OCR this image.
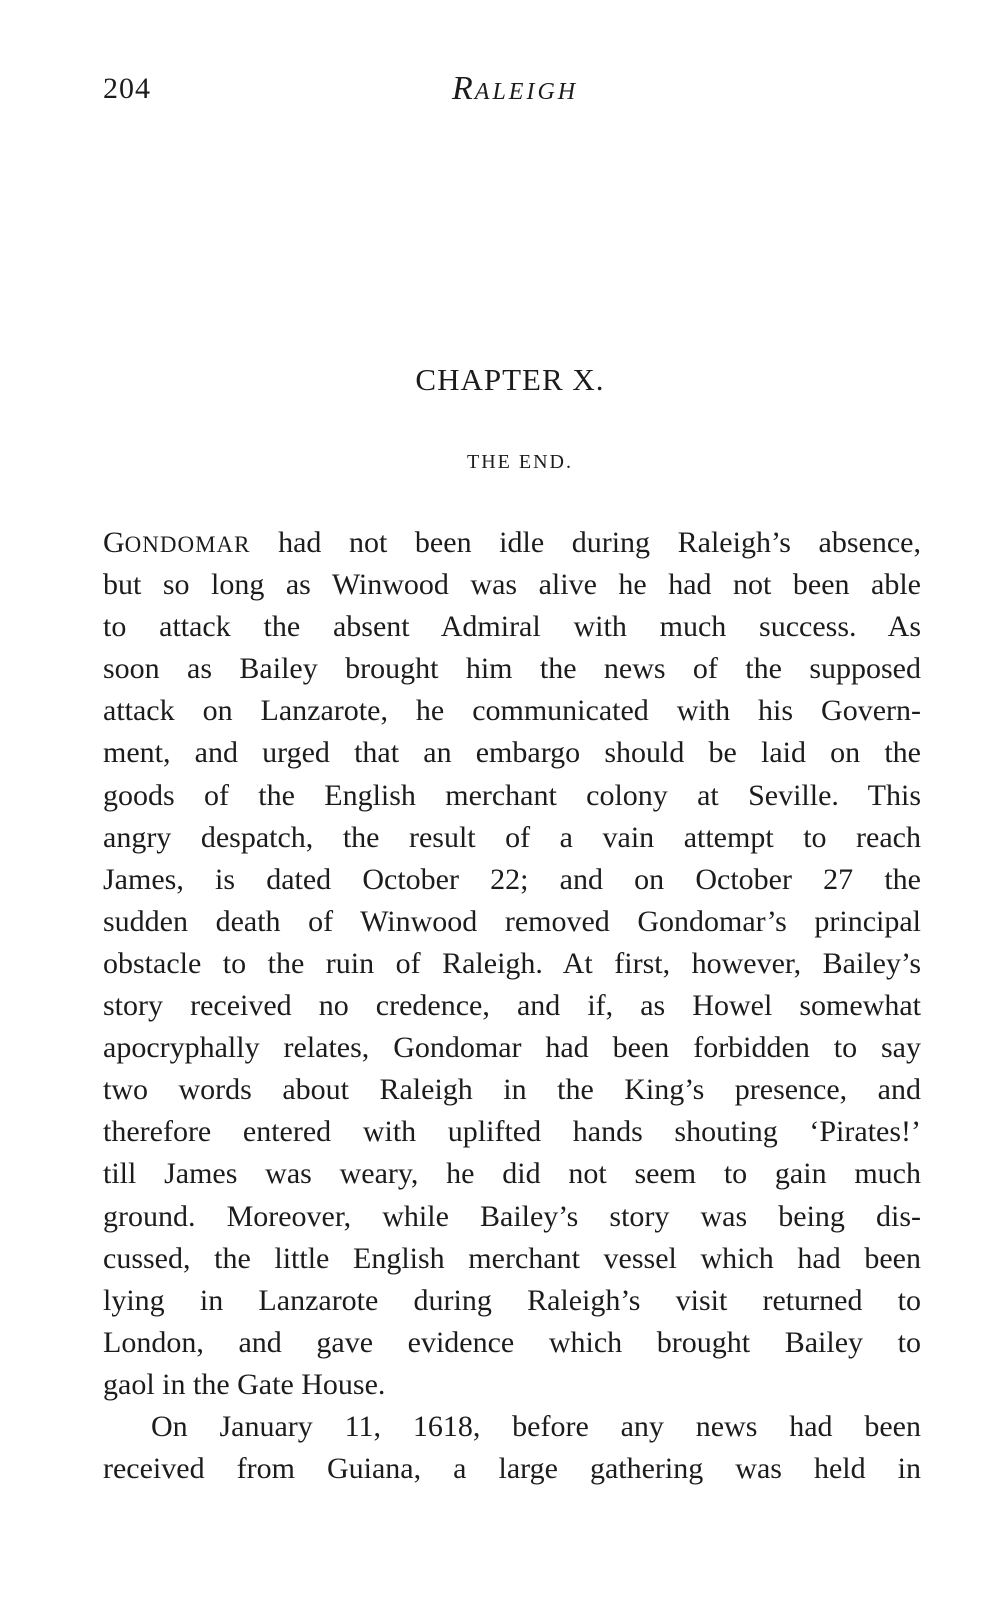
204	RALEIGH
CHAPTER X.
THE END.
GONDOMAR had not been idle during Raleigh’s absence,
but so long as Winwood was alive he had not been able
to attack the absent Admiral with much success. As
soon as Bailey brought him the news of the supposed
attack on Lanzarote, he communicated with his Govern-
ment, and urged that an embargo should be laid on the
goods of the English merchant colony at Seville. This
angry despatch, the result of a vain attempt to reach
James, is dated October 22; and on October 27 the
sudden death of Winwood removed Gondomar’s principal
obstacle to the ruin of Raleigh. At first, however, Bailey’s
story received no credence, and if, as Howel somewhat
apocryphally relates, Gondomar had been forbidden to say
two words about Raleigh in the King’s presence, and
therefore entered with uplifted hands shouting ‘Pirates!’
till James was weary, he did not seem to gain much
ground. Moreover, while Bailey’s story was being dis-
cussed, the little English merchant vessel which had been
lying in Lanzarote during Raleigh’s visit returned to
London, and gave evidence which brought Bailey to
gaol in the Gate House.
On January 11, 1618, before any news had been
received from Guiana, a large gathering was held in
